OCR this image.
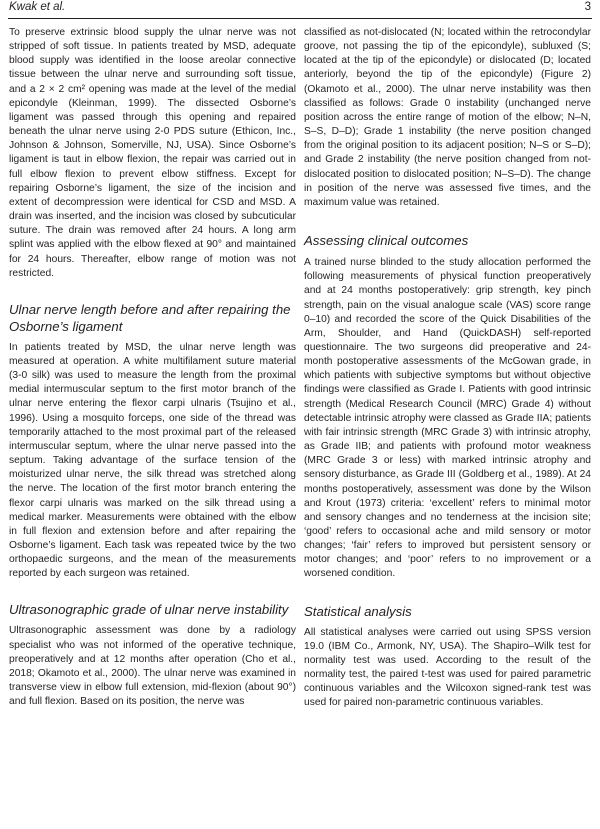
Kwak et al.	3

To preserve extrinsic blood supply the ulnar nerve was not stripped of soft tissue. In patients treated by MSD, adequate blood supply was identified in the loose areolar connective tissue between the ulnar nerve and surrounding soft tissue, and a 2 × 2 cm² opening was made at the level of the medial epicondyle (Kleinman, 1999). The dissected Osborne’s ligament was passed through this opening and repaired beneath the ulnar nerve using 2-0 PDS suture (Ethicon, Inc., Johnson & Johnson, Somerville, NJ, USA). Since Osborne’s ligament is taut in elbow flexion, the repair was carried out in full elbow flexion to prevent elbow stiffness. Except for repairing Osborne’s ligament, the size of the incision and extent of decompression were identical for CSD and MSD. A drain was inserted, and the incision was closed by subcuticular suture. The drain was removed after 24 hours. A long arm splint was applied with the elbow flexed at 90° and maintained for 24 hours. Thereafter, elbow range of motion was not restricted.

Ulnar nerve length before and after repairing the Osborne’s ligament

In patients treated by MSD, the ulnar nerve length was measured at operation. A white multifilament suture material (3-0 silk) was used to measure the length from the proximal medial intermuscular septum to the first motor branch of the ulnar nerve entering the flexor carpi ulnaris (Tsujino et al., 1996). Using a mosquito forceps, one side of the thread was temporarily attached to the most proximal part of the released intermuscular septum, where the ulnar nerve passed into the septum. Taking advantage of the surface tension of the moisturized ulnar nerve, the silk thread was stretched along the nerve. The location of the first motor branch entering the flexor carpi ulnaris was marked on the silk thread using a medical marker. Measurements were obtained with the elbow in full flexion and extension before and after repairing the Osborne’s ligament. Each task was repeated twice by the two orthopaedic surgeons, and the mean of the measurements reported by each surgeon was retained.

Ultrasonographic grade of ulnar nerve instability

Ultrasonographic assessment was done by a radiology specialist who was not informed of the operative technique, preoperatively and at 12 months after operation (Cho et al., 2018; Okamoto et al., 2000). The ulnar nerve was examined in transverse view in elbow full extension, mid-flexion (about 90°) and full flexion. Based on its position, the nerve was

classified as not-dislocated (N; located within the retrocondylar groove, not passing the tip of the epicondyle), subluxed (S; located at the tip of the epicondyle) or dislocated (D; located anteriorly, beyond the tip of the epicondyle) (Figure 2) (Okamoto et al., 2000). The ulnar nerve instability was then classified as follows: Grade 0 instability (unchanged nerve position across the entire range of motion of the elbow; N–N, S–S, D–D); Grade 1 instability (the nerve position changed from the original position to its adjacent position; N–S or S–D); and Grade 2 instability (the nerve position changed from not-dislocated position to dislocated position; N–S–D). The change in position of the nerve was assessed five times, and the maximum value was retained.

Assessing clinical outcomes

A trained nurse blinded to the study allocation performed the following measurements of physical function preoperatively and at 24 months postoperatively: grip strength, key pinch strength, pain on the visual analogue scale (VAS) score range 0–10) and recorded the score of the Quick Disabilities of the Arm, Shoulder, and Hand (QuickDASH) self-reported questionnaire. The two surgeons did preoperative and 24-month postoperative assessments of the McGowan grade, in which patients with subjective symptoms but without objective findings were classified as Grade I. Patients with good intrinsic strength (Medical Research Council (MRC) Grade 4) without detectable intrinsic atrophy were classed as Grade IIA; patients with fair intrinsic strength (MRC Grade 3) with intrinsic atrophy, as Grade IIB; and patients with profound motor weakness (MRC Grade 3 or less) with marked intrinsic atrophy and sensory disturbance, as Grade III (Goldberg et al., 1989). At 24 months postoperatively, assessment was done by the Wilson and Krout (1973) criteria: ‘excellent’ refers to minimal motor and sensory changes and no tenderness at the incision site; ‘good’ refers to occasional ache and mild sensory or motor changes; ‘fair’ refers to improved but persistent sensory or motor changes; and ‘poor’ refers to no improvement or a worsened condition.

Statistical analysis

All statistical analyses were carried out using SPSS version 19.0 (IBM Co., Armonk, NY, USA). The Shapiro–Wilk test for normality test was used. According to the result of the normality test, the paired t-test was used for paired parametric continuous variables and the Wilcoxon signed-rank test was used for paired non-parametric continuous variables.
